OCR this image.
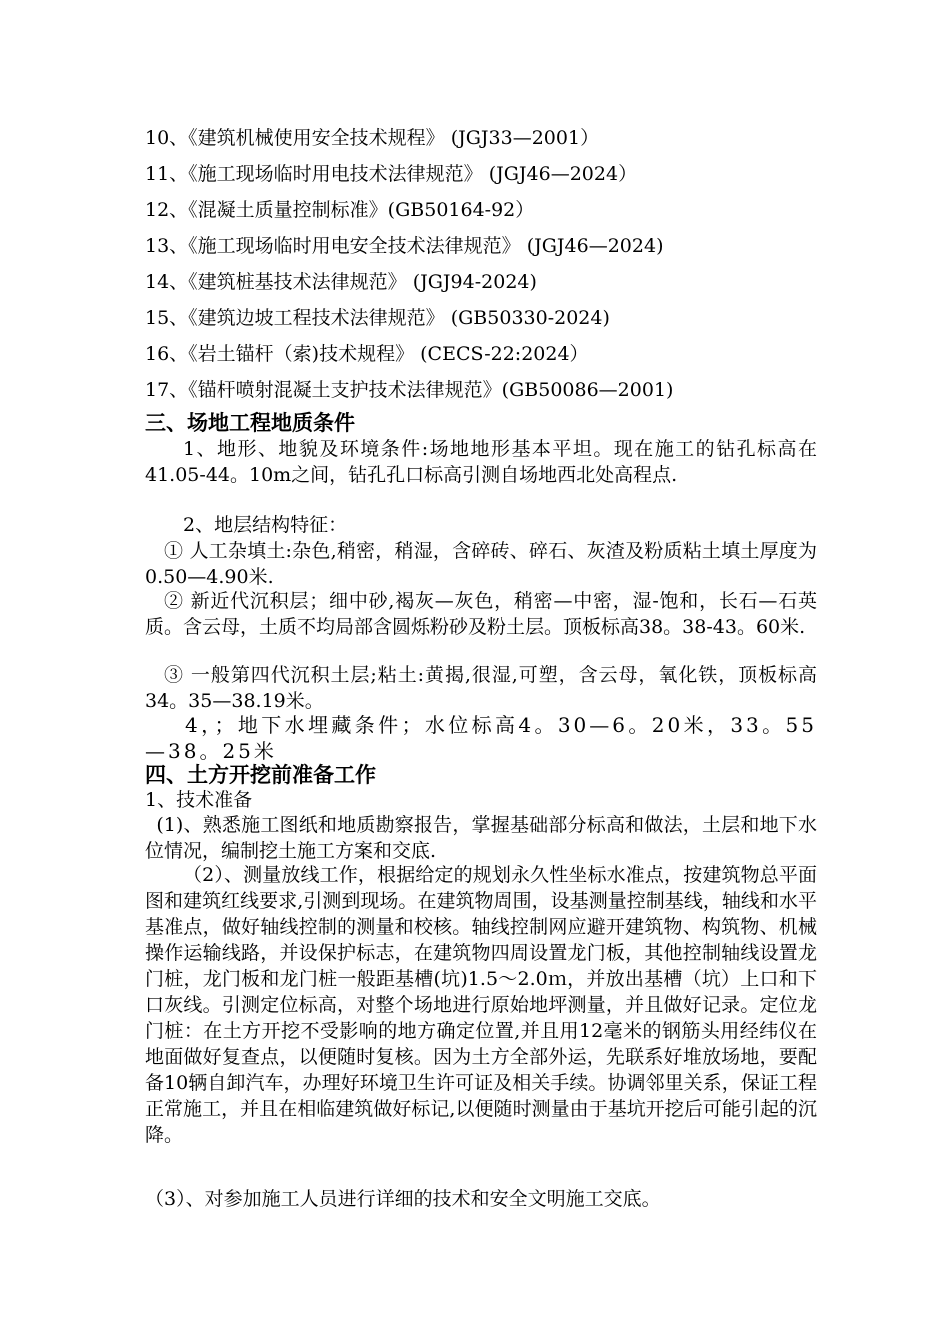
10、《建筑机械使用安全技术规程》 (JGJ33—2001）
11、《施工现场临时用电技术法律规范》 (JGJ46—2024）
12、《混凝土质量控制标准》(GB50164-92）
13、《施工现场临时用电安全技术法律规范》 (JGJ46—2024)
14、《建筑桩基技术法律规范》 (JGJ94-2024)
15、《建筑边坡工程技术法律规范》 (GB50330-2024)
16、《岩土锚杆（索)技术规程》 (CECS-22:2024）
17、《锚杆喷射混凝土支护技术法律规范》(GB50086—2001)
三、场地工程地质条件
1、地形、地貌及环境条件:场地地形基本平坦。现在施工的钻孔标高在41.05-44。10m之间，钻孔孔口标高引测自场地西北处高程点.
2、地层结构特征：
① 人工杂填土:杂色,稍密，稍湿，含碎砖、碎石、灰渣及粉质粘土填土厚度为0.50—4.90米.
② 新近代沉积层；细中砂,褐灰—灰色，稍密—中密，湿-饱和，长石—石英质。含云母，土质不均局部含圆烁粉砂及粉土层。顶板标高38。38-43。60米.
③ 一般第四代沉积土层;粘土:黄揭,很湿,可塑，含云母，氧化铁，顶板标高34。35—38.19米。
4，；地下水埋藏条件；水位标高4。30—6。20米，33。55—38。25米
四、土方开挖前准备工作
1、技术准备
(1)、熟悉施工图纸和地质勘察报告，掌握基础部分标高和做法，土层和地下水位情况，编制挖土施工方案和交底.
（2）、测量放线工作，根据给定的规划永久性坐标水准点，按建筑物总平面图和建筑红线要求,引测到现场。在建筑物周围，设基测量控制基线，轴线和水平基准点，做好轴线控制的测量和校核。轴线控制网应避开建筑物、构筑物、机械操作运输线路，并设保护标志，在建筑物四周设置龙门板，其他控制轴线设置龙门桩，龙门板和龙门桩一般距基槽(坑)1.5～2.0ｍ，并放出基槽（坑）上口和下口灰线。引测定位标高，对整个场地进行原始地坪测量，并且做好记录。定位龙门桩：在土方开挖不受影响的地方确定位置,并且用12毫米的钢筋头用经纬仪在地面做好复查点，以便随时复核。因为土方全部外运，先联系好堆放场地，要配备10辆自卸汽车，办理好环境卫生许可证及相关手续。协调邻里关系，保证工程正常施工，并且在相临建筑做好标记,以便随时测量由于基坑开挖后可能引起的沉降。
（3）、对参加施工人员进行详细的技术和安全文明施工交底。
